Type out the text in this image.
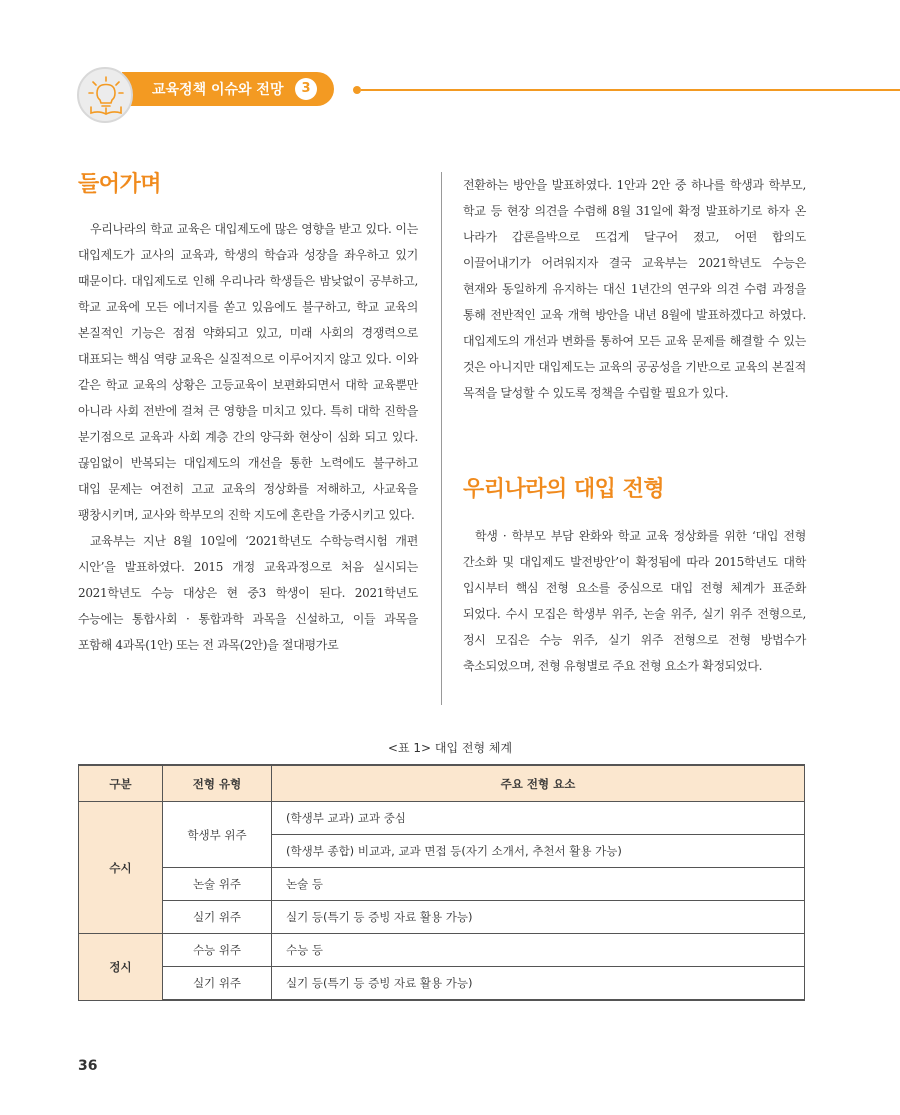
교육정책 이슈와 전망	3
들어가며

우리나라의 학교 교육은 대입제도에 많은 영향을 받고 있다. 이는 대입제도가 교사의 교육과, 학생의 학습과 성장을 좌우하고 있기 때문이다. 대입제도로 인해 우리나라 학생들은 밤낮없이 공부하고, 학교 교육에 모든 에너지를 쏟고 있음에도 불구하고, 학교 교육의 본질적인 기능은 점점 약화되고 있고, 미래 사회의 경쟁력으로 대표되는 핵심 역량 교육은 실질적으로 이루어지지 않고 있다. 이와 같은 학교 교육의 상황은 고등교육이 보편화되면서 대학 교육뿐만 아니라 사회 전반에 걸쳐 큰 영향을 미치고 있다. 특히 대학 진학을 분기점으로 교육과 사회 계층 간의 양극화 현상이 심화 되고 있다. 끊임없이 반복되는 대입제도의 개선을 통한 노력에도 불구하고 대입 문제는 여전히 고교 교육의 정상화를 저해하고, 사교육을 팽창시키며, 교사와 학부모의 진학 지도에 혼란을 가중시키고 있다.

교육부는 지난 8월 10일에 ‘2021학년도 수학능력시험 개편 시안’을 발표하였다. 2015 개정 교육과정으로 처음 실시되는 2021학년도 수능 대상은 현 중3 학생이 된다. 2021학년도 수능에는 통합사회 · 통합과학 과목을 신설하고, 이들 과목을 포함해 4과목(1안) 또는 전 과목(2안)을 절대평가로

전환하는 방안을 발표하였다. 1안과 2안 중 하나를 학생과 학부모, 학교 등 현장 의견을 수렴해 8월 31일에 확정 발표하기로 하자 온 나라가 갑론을박으로 뜨겁게 달구어 졌고, 어떤 합의도 이끌어내기가 어려워지자 결국 교육부는 2021학년도 수능은 현재와 동일하게 유지하는 대신 1년간의 연구와 의견 수렴 과정을 통해 전반적인 교육 개혁 방안을 내년 8월에 발표하겠다고 하였다. 대입제도의 개선과 변화를 통하여 모든 교육 문제를 해결할 수 있는 것은 아니지만 대입제도는 교육의 공공성을 기반으로 교육의 본질적 목적을 달성할 수 있도록 정책을 수립할 필요가 있다.

우리나라의 대입 전형

학생 · 학부모 부담 완화와 학교 교육 정상화를 위한 ‘대입 전형 간소화 및 대입제도 발전방안’이 확정됨에 따라 2015학년도 대학 입시부터 핵심 전형 요소를 중심으로 대입 전형 체계가 표준화 되었다. 수시 모집은 학생부 위주, 논술 위주, 실기 위주 전형으로, 정시 모집은 수능 위주, 실기 위주 전형으로 전형 방법수가 축소되었으며, 전형 유형별로 주요 전형 요소가 확정되었다.

<표 1> 대입 전형 체계
구분	전형 유형	주요 전형 요소
수시	학생부 위주	(학생부 교과) 교과 중심
		(학생부 종합) 비교과, 교과 면접 등(자기 소개서, 추천서 활용 가능)
	논술 위주	논술 등
	실기 위주	실기 등(특기 등 증빙 자료 활용 가능)
정시	수능 위주	수능 등
	실기 위주	실기 등(특기 등 증빙 자료 활용 가능)
36
